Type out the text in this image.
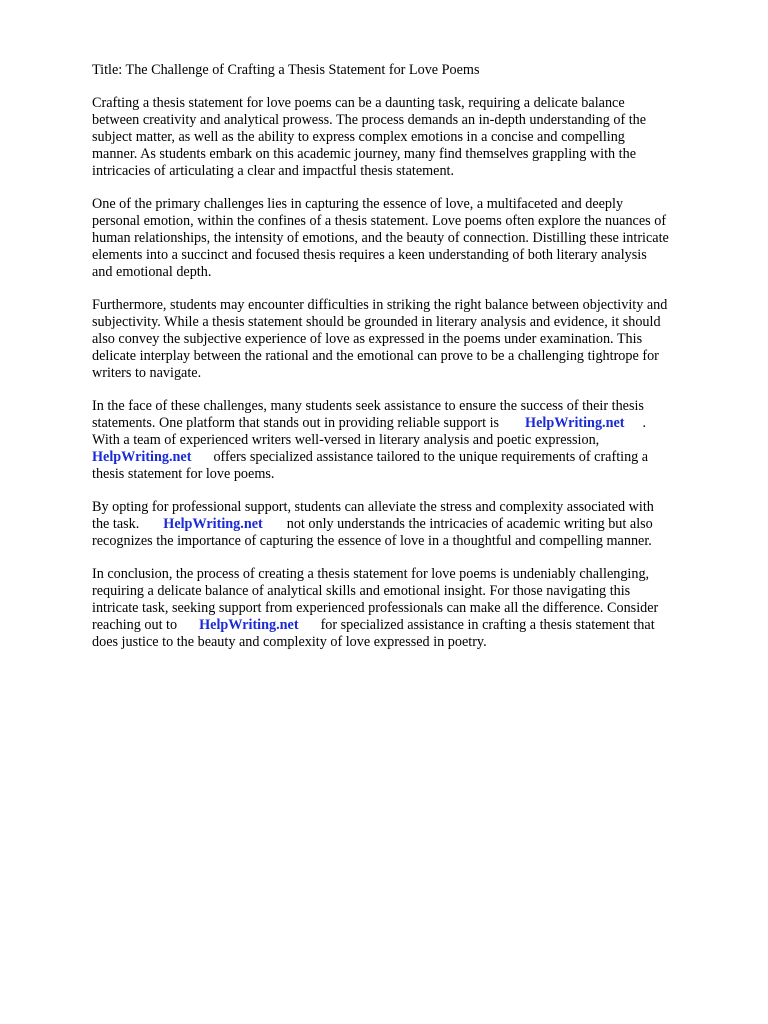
Title: The Challenge of Crafting a Thesis Statement for Love Poems

Crafting a thesis statement for love poems can be a daunting task, requiring a delicate balance
between creativity and analytical prowess. The process demands an in-depth understanding of the
subject matter, as well as the ability to express complex emotions in a concise and compelling
manner. As students embark on this academic journey, many find themselves grappling with the
intricacies of articulating a clear and impactful thesis statement.

One of the primary challenges lies in capturing the essence of love, a multifaceted and deeply
personal emotion, within the confines of a thesis statement. Love poems often explore the nuances of
human relationships, the intensity of emotions, and the beauty of connection. Distilling these intricate
elements into a succinct and focused thesis requires a keen understanding of both literary analysis
and emotional depth.

Furthermore, students may encounter difficulties in striking the right balance between objectivity and
subjectivity. While a thesis statement should be grounded in literary analysis and evidence, it should
also convey the subjective experience of love as expressed in the poems under examination. This
delicate interplay between the rational and the emotional can prove to be a challenging tightrope for
writers to navigate.

In the face of these challenges, many students seek assistance to ensure the success of their thesis
statements. One platform that stands out in providing reliable support is HelpWriting.net .
With a team of experienced writers well-versed in literary analysis and poetic expression,
HelpWriting.net offers specialized assistance tailored to the unique requirements of crafting a
thesis statement for love poems.

By opting for professional support, students can alleviate the stress and complexity associated with
the task. HelpWriting.net not only understands the intricacies of academic writing but also
recognizes the importance of capturing the essence of love in a thoughtful and compelling manner.

In conclusion, the process of creating a thesis statement for love poems is undeniably challenging,
requiring a delicate balance of analytical skills and emotional insight. For those navigating this
intricate task, seeking support from experienced professionals can make all the difference. Consider
reaching out to HelpWriting.net for specialized assistance in crafting a thesis statement that
does justice to the beauty and complexity of love expressed in poetry.
